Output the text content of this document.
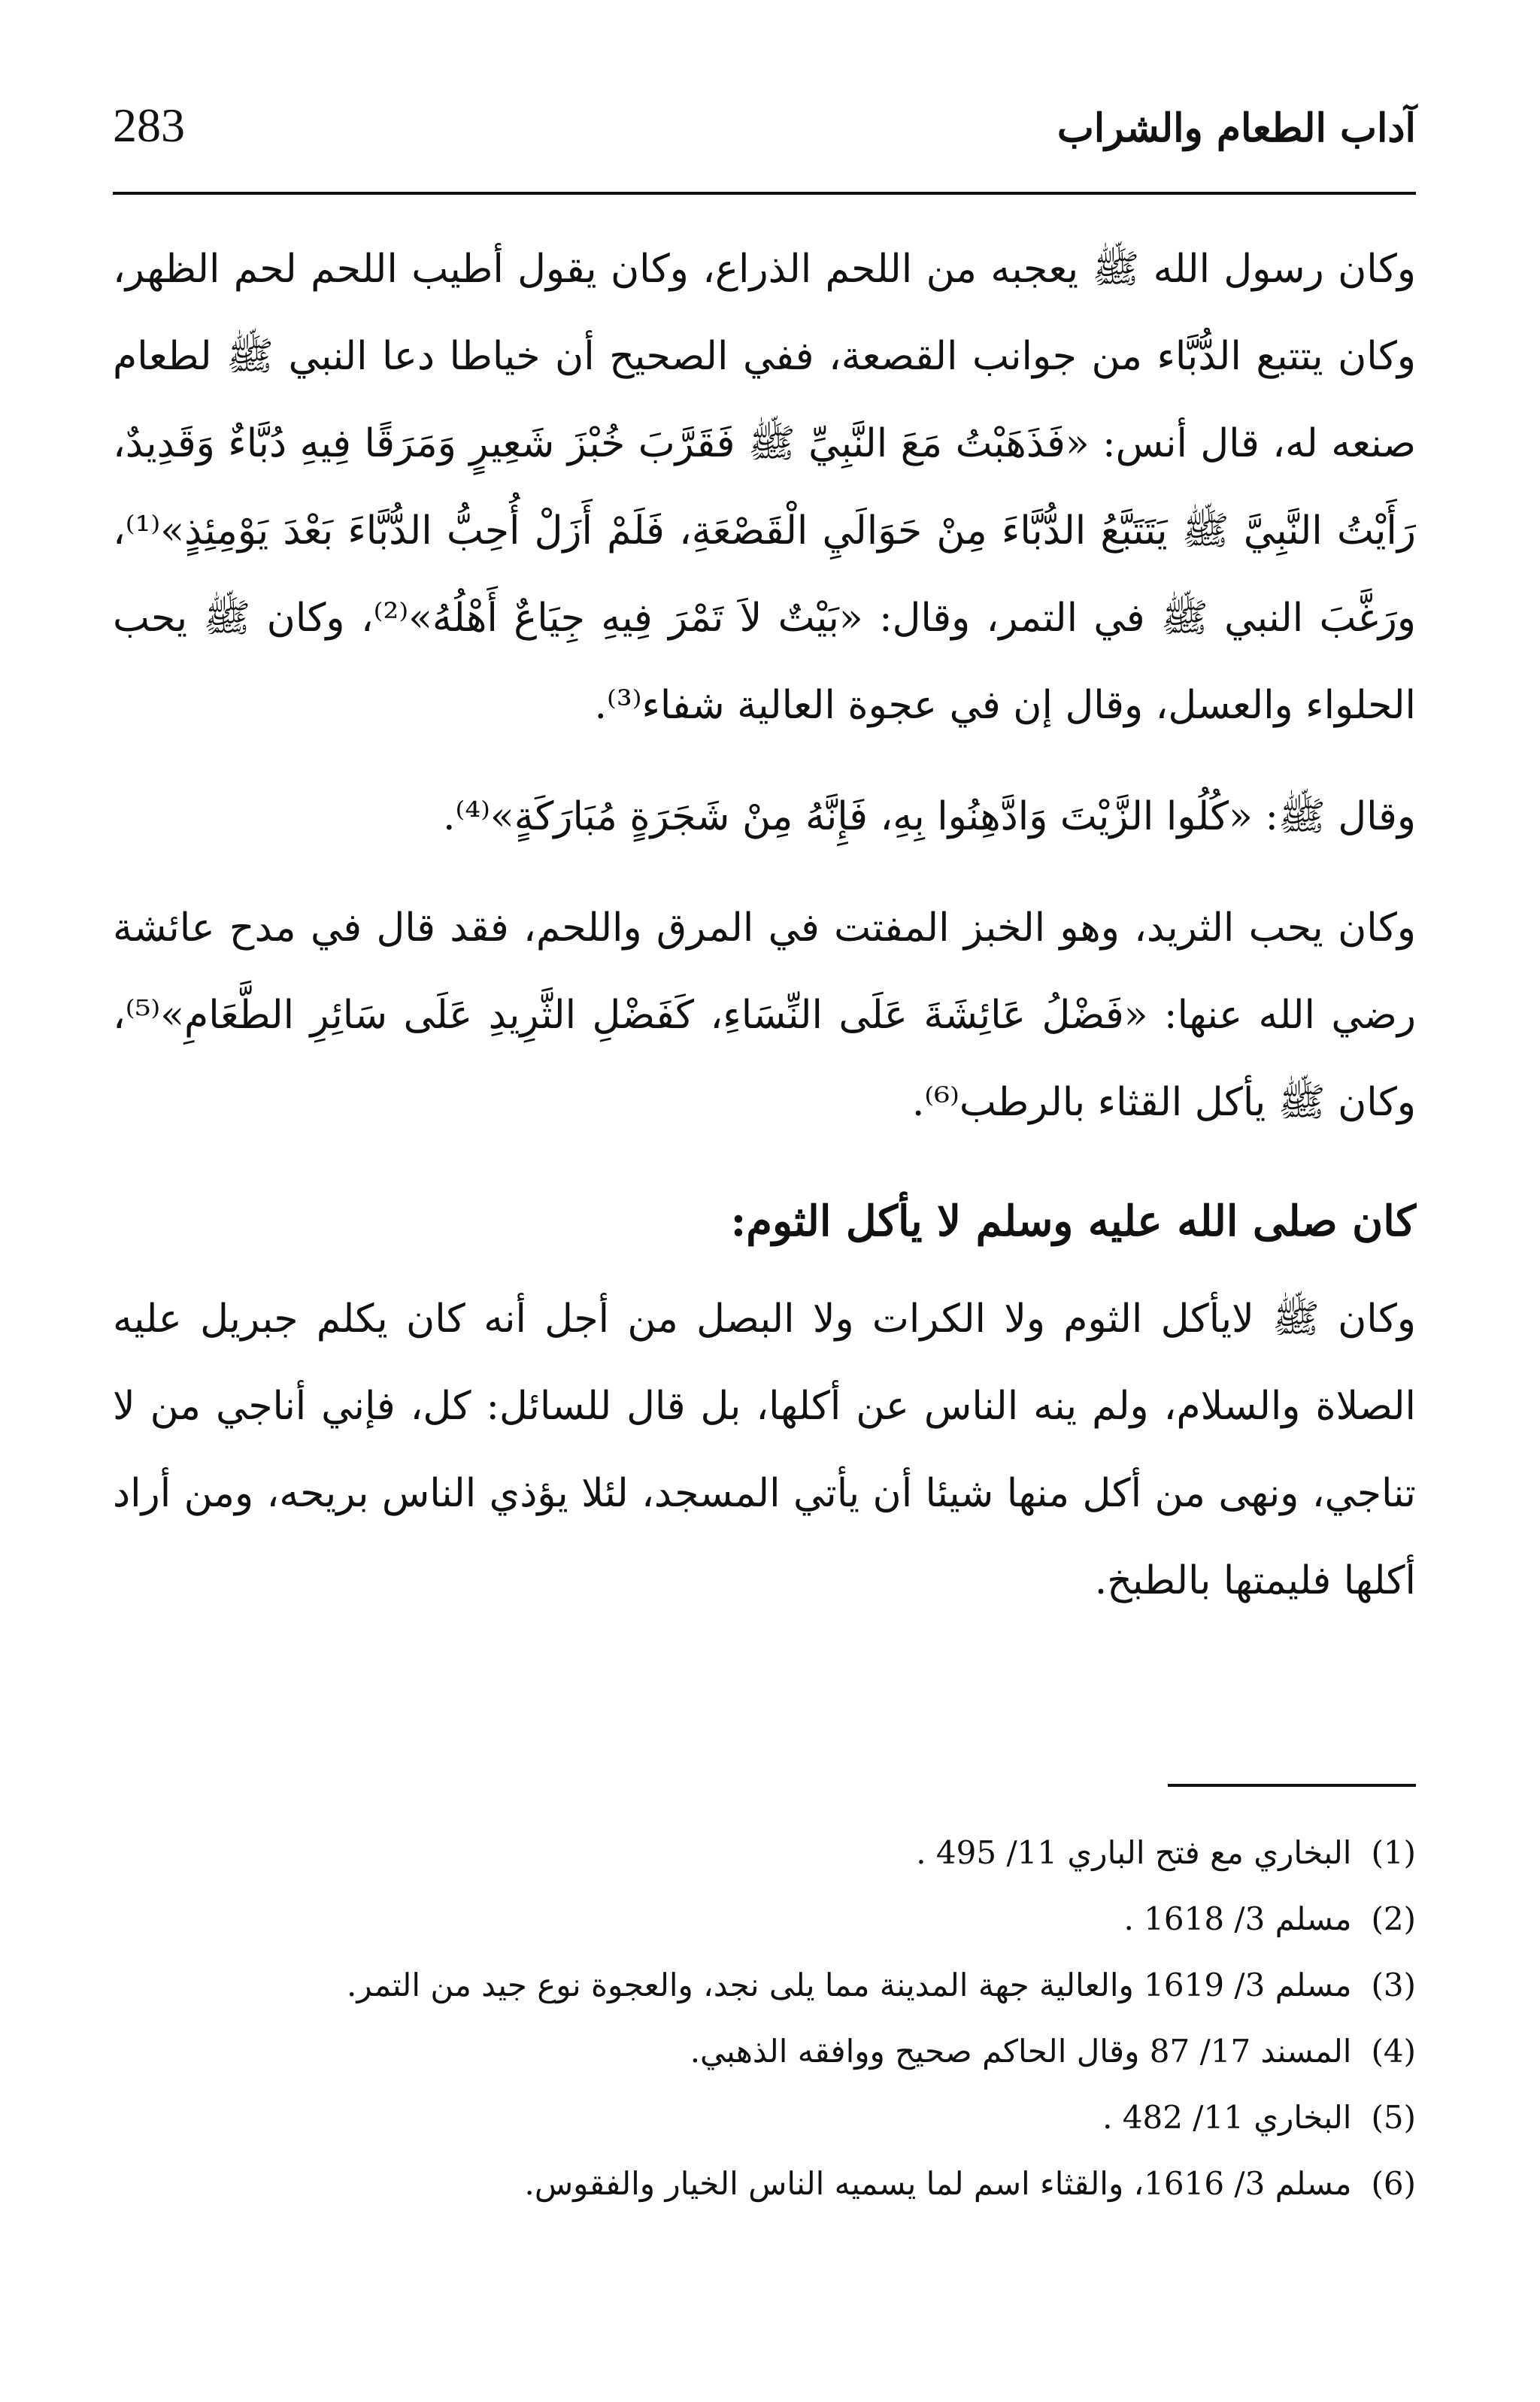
283	آداب الطعام والشراب

وكان رسول الله ﷺ يعجبه من اللحم الذراع، وكان يقول أطيب اللحم لحم الظهر، وكان يتتبع الدُّبَّاء من جوانب القصعة، ففي الصحيح أن خياطا دعا النبي ﷺ لطعام صنعه له، قال أنس: «فَذَهَبْتُ مَعَ النَّبِيِّ ﷺ فَقَرَّبَ خُبْزَ شَعِيرٍ وَمَرَقًا فِيهِ دُبَّاءٌ وَقَدِيدٌ، رَأَيْتُ النَّبِيَّ ﷺ يَتَتَبَّعُ الدُّبَّاءَ مِنْ حَوَالَيِ الْقَصْعَةِ، فَلَمْ أَزَلْ أُحِبُّ الدُّبَّاءَ بَعْدَ يَوْمِئِذٍ»⁽¹⁾، ورَغَّبَ النبي ﷺ في التمر، وقال: «بَيْتٌ لاَ تَمْرَ فِيهِ جِيَاعٌ أَهْلُهُ»⁽²⁾، وكان ﷺ يحب الحلواء والعسل، وقال إن في عجوة العالية شفاء⁽³⁾.

وقال ﷺ: «كُلُوا الزَّيْتَ وَادَّهِنُوا بِهِ، فَإِنَّهُ مِنْ شَجَرَةٍ مُبَارَكَةٍ»⁽⁴⁾.

وكان يحب الثريد، وهو الخبز المفتت في المرق واللحم، فقد قال في مدح عائشة رضي الله عنها: «فَضْلُ عَائِشَةَ عَلَى النِّسَاءِ، كَفَضْلِ الثَّرِيدِ عَلَى سَائِرِ الطَّعَامِ»⁽⁵⁾، وكان ﷺ يأكل القثاء بالرطب⁽⁶⁾.

كان صلى الله عليه وسلم لا يأكل الثوم:

وكان ﷺ لايأكل الثوم ولا الكرات ولا البصل من أجل أنه كان يكلم جبريل عليه الصلاة والسلام، ولم ينه الناس عن أكلها، بل قال للسائل: كل، فإني أناجي من لا تناجي، ونهى من أكل منها شيئا أن يأتي المسجد، لئلا يؤذي الناس بريحه، ومن أراد أكلها فليمتها بالطبخ.

(1)البخاري مع فتح الباري 11/ 495 .
(2)مسلم 3/ 1618 .
(3)مسلم 3/ 1619 والعالية جهة المدينة مما يلى نجد، والعجوة نوع جيد من التمر.
(4)المسند 17/ 87 وقال الحاكم صحيح ووافقه الذهبي.
(5)البخاري 11/ 482 .
(6)مسلم 3/ 1616، والقثاء اسم لما يسميه الناس الخيار والفقوس.
